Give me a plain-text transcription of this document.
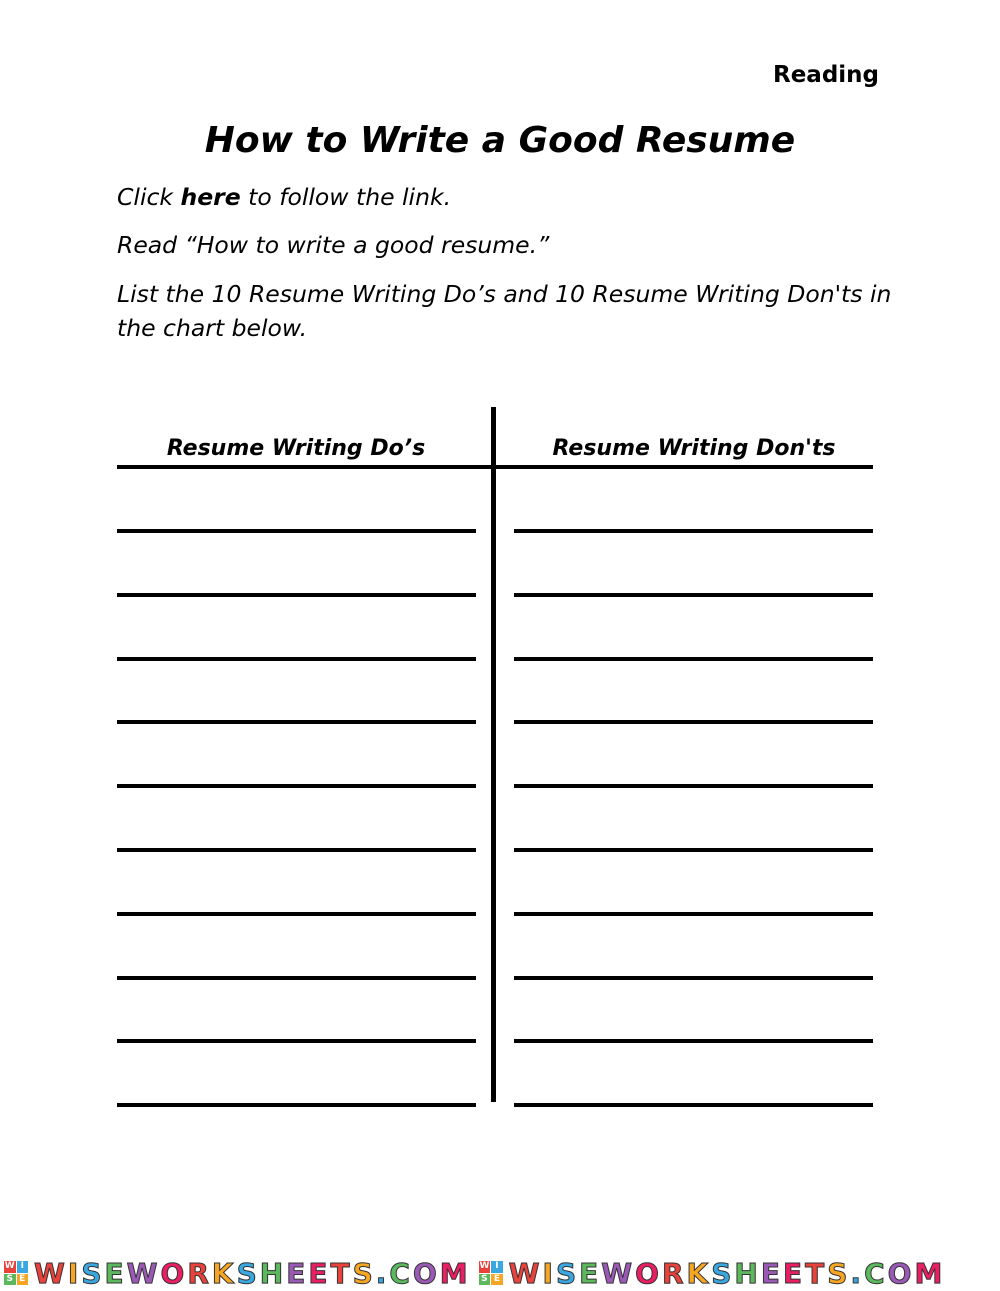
Reading
How to Write a Good Resume
Click here to follow the link.
Read “How to write a good resume.”
List the 10 Resume Writing Do’s and 10 Resume Writing Don'ts in the chart below.
Resume Writing Do’s	Resume Writing Don'ts
W I
S E WISEWORKSHEETS.COM W I
S E WISEWORKSHEETS.COM
